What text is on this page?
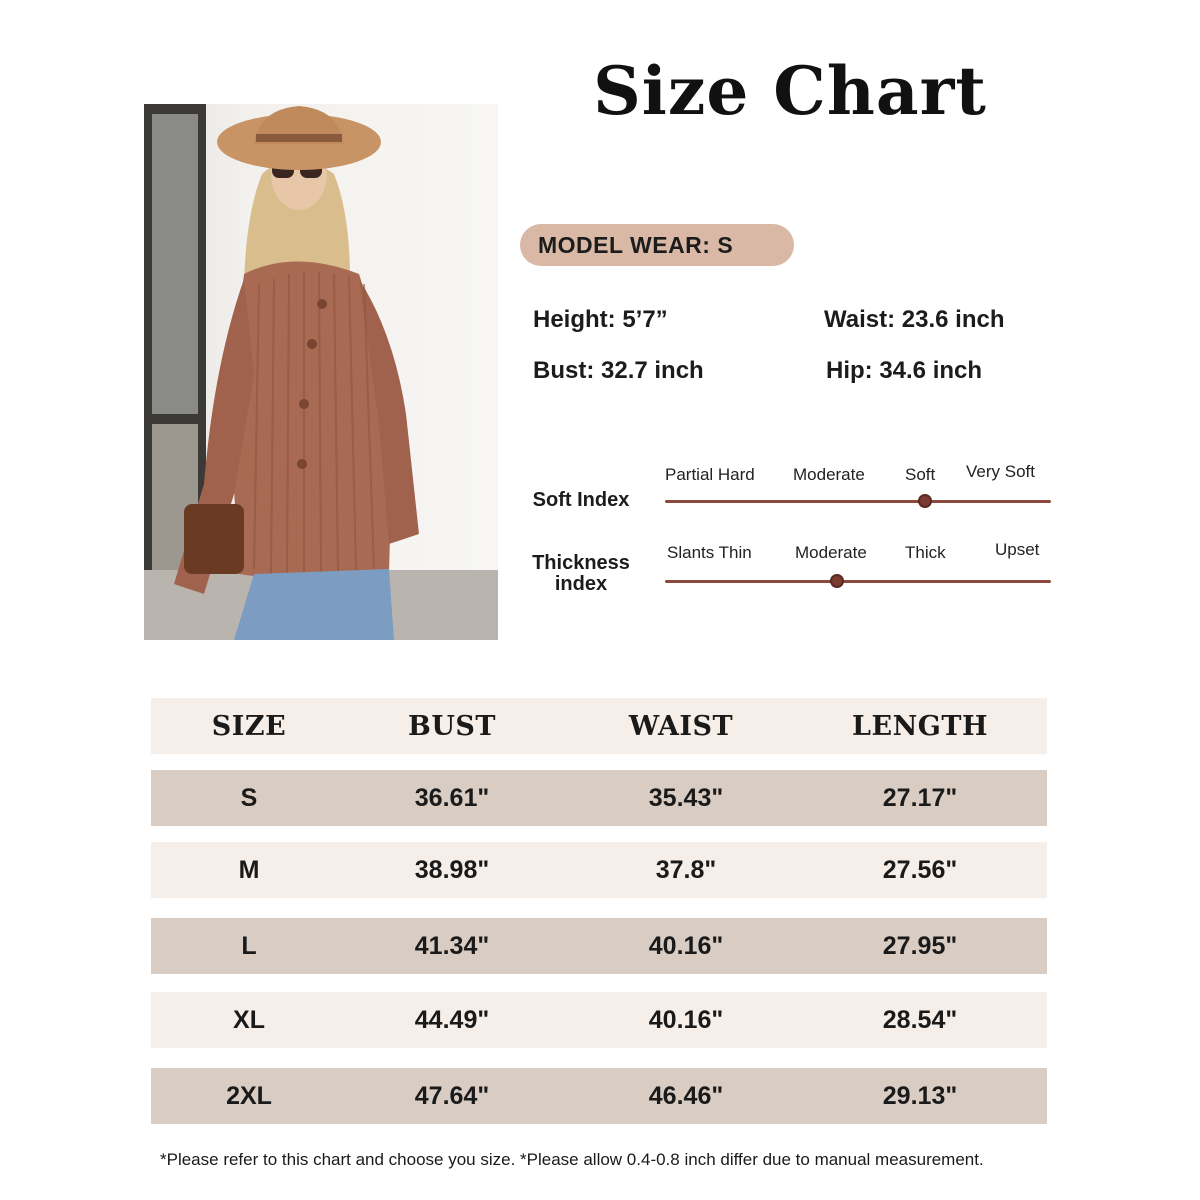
Size Chart
MODEL WEAR: S
Height: 5’7”	Waist: 23.6 inch
Bust: 32.7 inch	Hip: 34.6 inch
Soft Index
Partial Hard Moderate Soft Very Soft
Thickness
index
Slants Thin	Moderate Thick	Upset
SIZE	BUST	WAIST	LENGTH
S	36.61"	35.43"	27.17"
M	38.98"	37.8"	27.56"
L	41.34"	40.16"	27.95"
XL	44.49"	40.16"	28.54"
2XL	47.64"	46.46"	29.13"
*Please refer to this chart and choose you size. *Please allow 0.4-0.8 inch differ due to manual measurement.
